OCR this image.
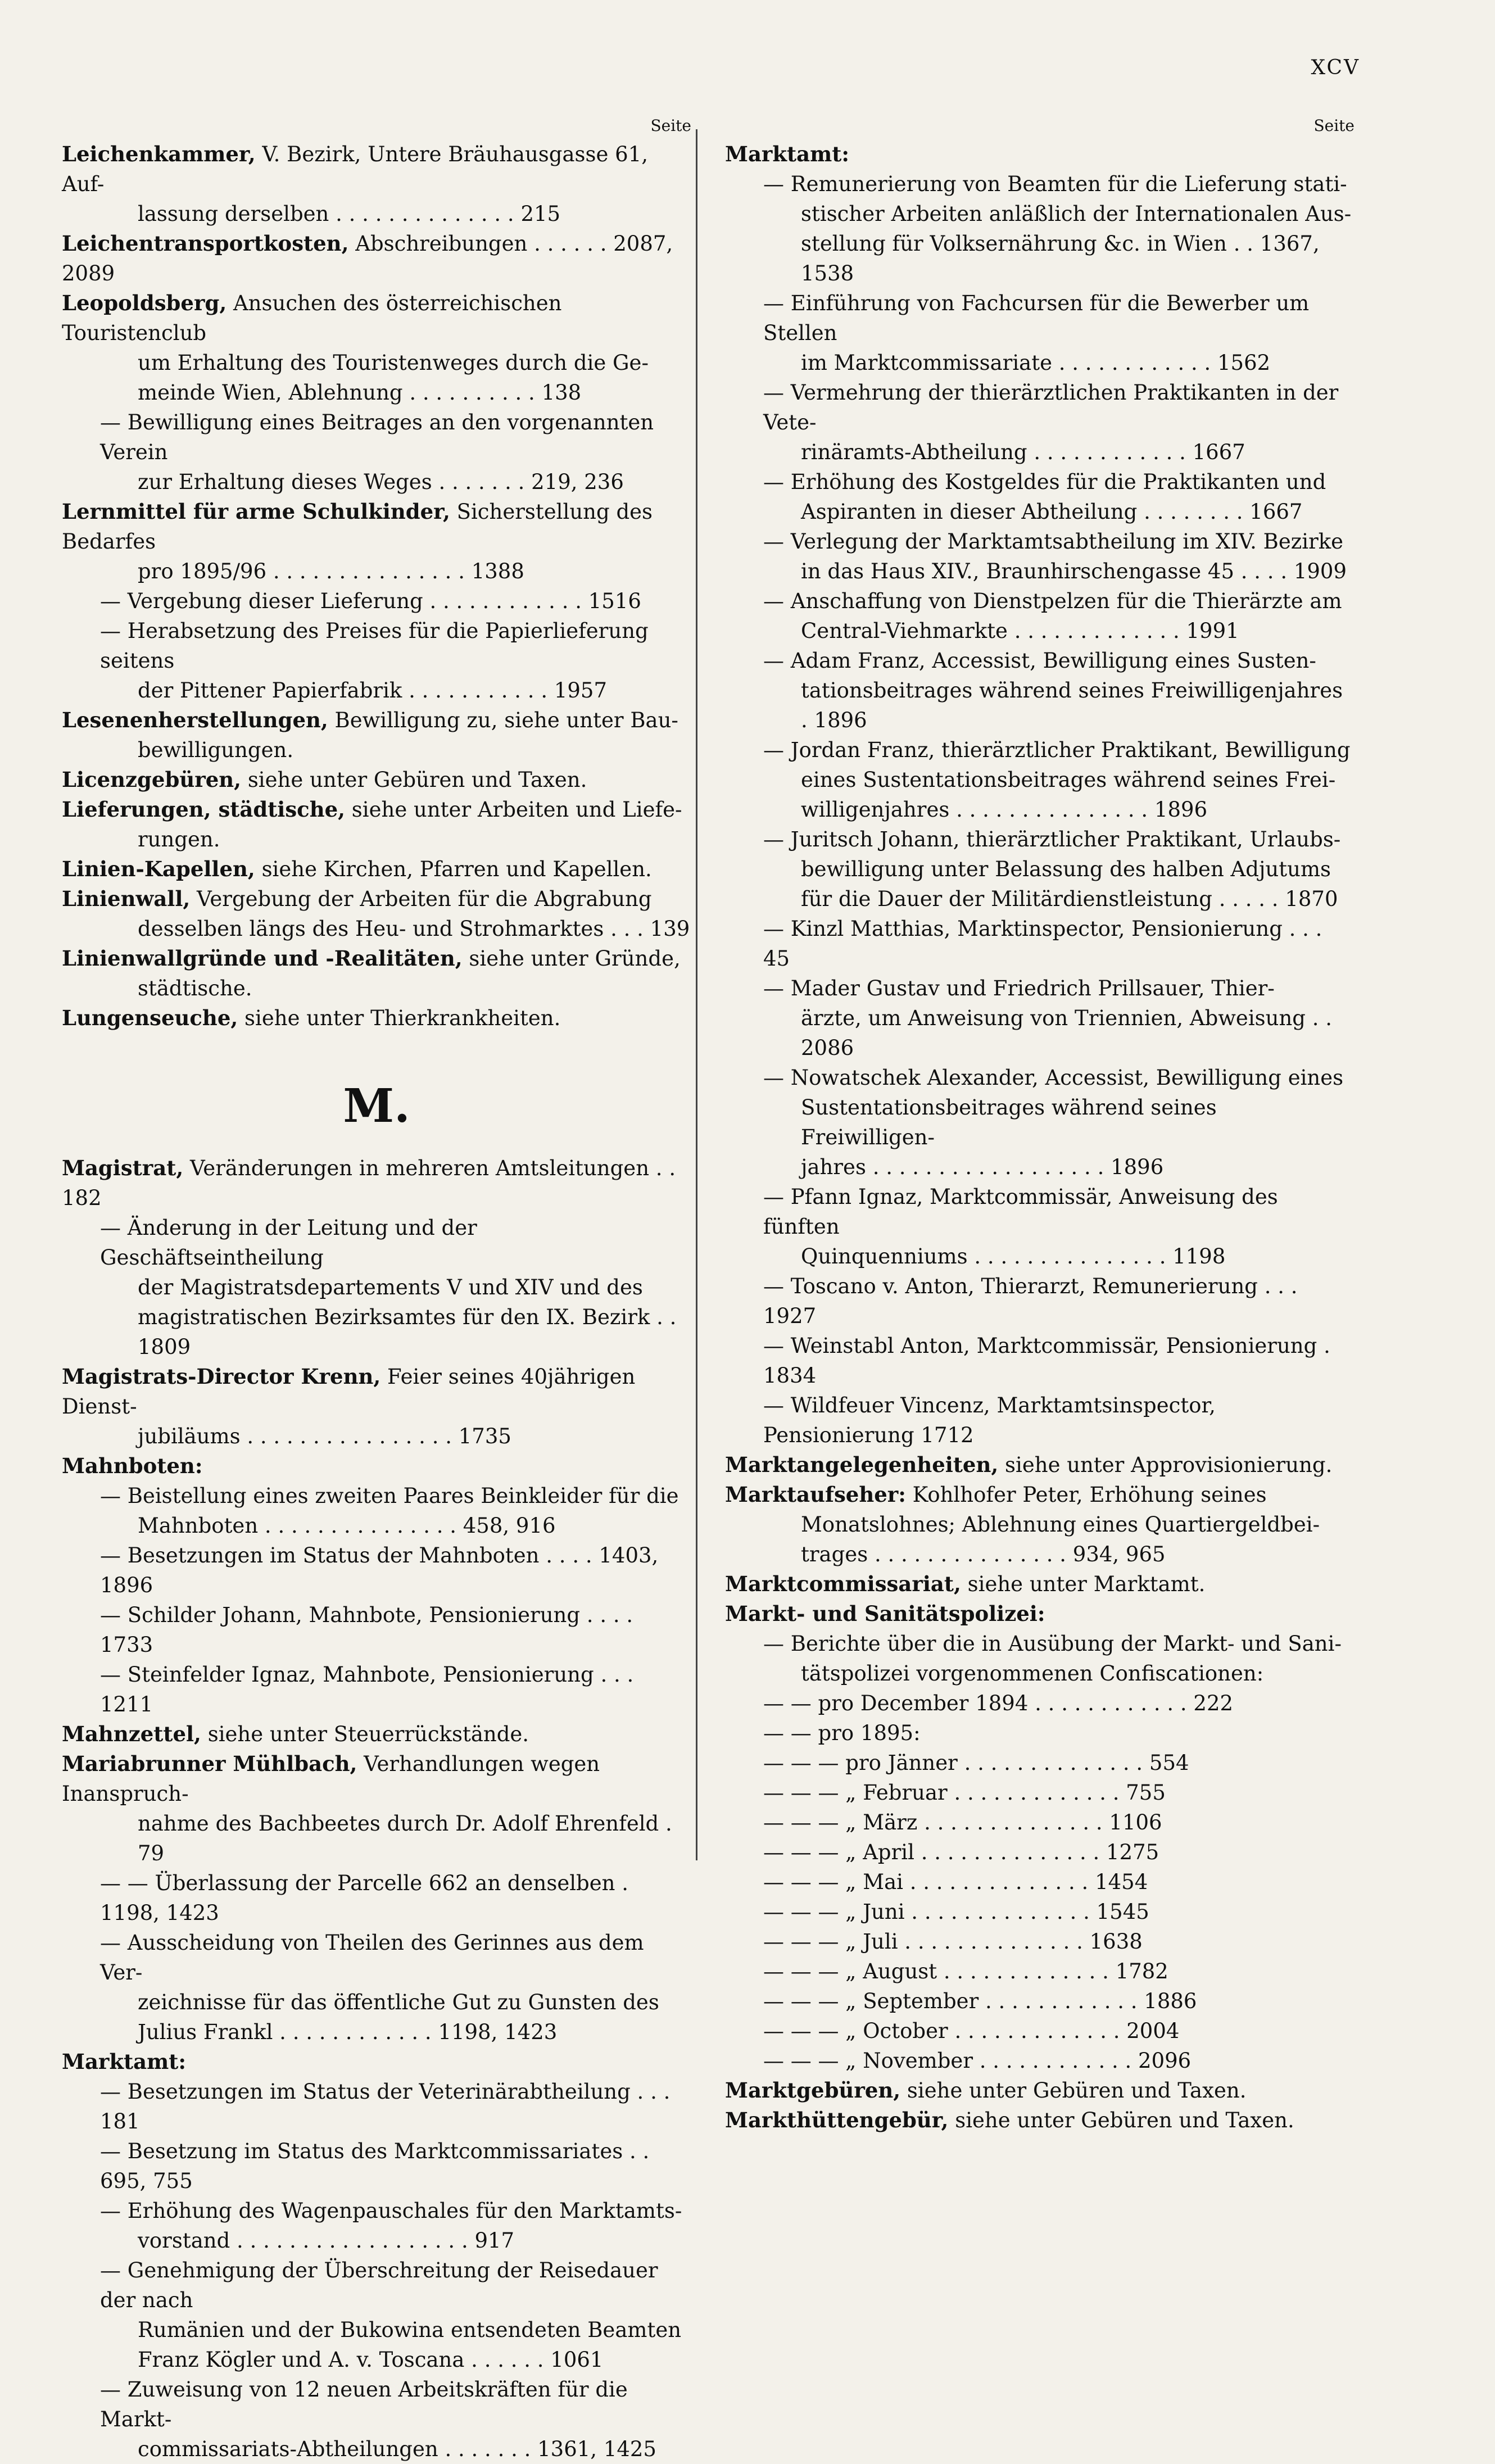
XCV
Seite

Leichenkammer, V. Bezirk, Untere Bräuhausgasse 61, Auf-

lassung derselben . . . . . . . . . . . . . . 215

Leichentransportkosten, Abschreibungen . . . . . . 2087, 2089

Leopoldsberg, Ansuchen des österreichischen Touristenclub

um Erhaltung des Touristenweges durch die Ge-

meinde Wien, Ablehnung . . . . . . . . . . 138

— Bewilligung eines Beitrages an den vorgenannten Verein

zur Erhaltung dieses Weges . . . . . . . 219, 236

Lernmittel für arme Schulkinder, Sicherstellung des Bedarfes

pro 1895/96 . . . . . . . . . . . . . . . 1388

— Vergebung dieser Lieferung . . . . . . . . . . . . 1516

— Herabsetzung des Preises für die Papierlieferung seitens

der Pittener Papierfabrik . . . . . . . . . . . 1957

Lesenenherstellungen, Bewilligung zu, siehe unter Bau-

bewilligungen.

Licenzgebüren, siehe unter Gebüren und Taxen.

Lieferungen, städtische, siehe unter Arbeiten und Liefe-

rungen.

Linien-Kapellen, siehe Kirchen, Pfarren und Kapellen.

Linienwall, Vergebung der Arbeiten für die Abgrabung

desselben längs des Heu- und Strohmarktes . . . 139

Linienwallgründe und -Realitäten, siehe unter Gründe,

städtische.

Lungenseuche, siehe unter Thierkrankheiten.

M.

Magistrat, Veränderungen in mehreren Amtsleitungen . . 182

— Änderung in der Leitung und der Geschäftseintheilung

der Magistratsdepartements V und XIV und des

magistratischen Bezirksamtes für den IX. Bezirk . . 1809

Magistrats-Director Krenn, Feier seines 40jährigen Dienst-

jubiläums . . . . . . . . . . . . . . . . 1735

Mahnboten:

— Beistellung eines zweiten Paares Beinkleider für die

Mahnboten . . . . . . . . . . . . . . . 458, 916

— Besetzungen im Status der Mahnboten . . . . 1403, 1896

— Schilder Johann, Mahnbote, Pensionierung . . . . 1733

— Steinfelder Ignaz, Mahnbote, Pensionierung . . . 1211

Mahnzettel, siehe unter Steuerrückstände.

Mariabrunner Mühlbach, Verhandlungen wegen Inanspruch-

nahme des Bachbeetes durch Dr. Adolf Ehrenfeld . 79

— — Überlassung der Parcelle 662 an denselben . 1198, 1423

— Ausscheidung von Theilen des Gerinnes aus dem Ver-

zeichnisse für das öffentliche Gut zu Gunsten des

Julius Frankl . . . . . . . . . . . . 1198, 1423

Marktamt:

— Besetzungen im Status der Veterinärabtheilung . . . 181

— Besetzung im Status des Marktcommissariates . . 695, 755

— Erhöhung des Wagenpauschales für den Marktamts-

vorstand . . . . . . . . . . . . . . . . . . 917

— Genehmigung der Überschreitung der Reisedauer der nach

Rumänien und der Bukowina entsendeten Beamten

Franz Kögler und A. v. Toscana . . . . . . 1061

— Zuweisung von 12 neuen Arbeitskräften für die Markt-

commissariats-Abtheilungen . . . . . . . 1361, 1425

Seite

Marktamt:

— Remunerierung von Beamten für die Lieferung stati-

stischer Arbeiten anläßlich der Internationalen Aus-

stellung für Volksernährung &c. in Wien . . 1367, 1538

— Einführung von Fachcursen für die Bewerber um Stellen

im Marktcommissariate . . . . . . . . . . . . 1562

— Vermehrung der thierärztlichen Praktikanten in der Vete-

rinäramts-Abtheilung . . . . . . . . . . . . 1667

— Erhöhung des Kostgeldes für die Praktikanten und

Aspiranten in dieser Abtheilung . . . . . . . . 1667

— Verlegung der Marktamtsabtheilung im XIV. Bezirke

in das Haus XIV., Braunhirschengasse 45 . . . . 1909

— Anschaffung von Dienstpelzen für die Thierärzte am

Central-Viehmarkte . . . . . . . . . . . . . 1991

— Adam Franz, Accessist, Bewilligung eines Susten-

tationsbeitrages während seines Freiwilligenjahres . 1896

— Jordan Franz, thierärztlicher Praktikant, Bewilligung

eines Sustentationsbeitrages während seines Frei-

willigenjahres . . . . . . . . . . . . . . . 1896

— Juritsch Johann, thierärztlicher Praktikant, Urlaubs-

bewilligung unter Belassung des halben Adjutums

für die Dauer der Militärdienstleistung . . . . . 1870

— Kinzl Matthias, Marktinspector, Pensionierung . . . 45

— Mader Gustav und Friedrich Prillsauer, Thier-

ärzte, um Anweisung von Triennien, Abweisung . . 2086

— Nowatschek Alexander, Accessist, Bewilligung eines

Sustentationsbeitrages während seines Freiwilligen-

jahres . . . . . . . . . . . . . . . . . . 1896

— Pfann Ignaz, Marktcommissär, Anweisung des fünften

Quinquenniums . . . . . . . . . . . . . . . 1198

— Toscano v. Anton, Thierarzt, Remunerierung . . . 1927

— Weinstabl Anton, Marktcommissär, Pensionierung . 1834

— Wildfeuer Vincenz, Marktamtsinspector, Pensionierung 1712

Marktangelegenheiten, siehe unter Approvisionierung.

Marktaufseher: Kohlhofer Peter, Erhöhung seines

Monatslohnes; Ablehnung eines Quartiergeldbei-

trages . . . . . . . . . . . . . . . 934, 965

Marktcommissariat, siehe unter Marktamt.

Markt- und Sanitätspolizei:

— Berichte über die in Ausübung der Markt- und Sani-

tätspolizei vorgenommenen Confiscationen:

— — pro December 1894 . . . . . . . . . . . . 222

— — pro 1895:

— — — pro Jänner . . . . . . . . . . . . . . 554

— — — „ Februar . . . . . . . . . . . . . 755

— — — „ März . . . . . . . . . . . . . . 1106

— — — „ April . . . . . . . . . . . . . . 1275

— — — „ Mai . . . . . . . . . . . . . . 1454

— — — „ Juni . . . . . . . . . . . . . . 1545

— — — „ Juli . . . . . . . . . . . . . . 1638

— — — „ August . . . . . . . . . . . . . 1782

— — — „ September . . . . . . . . . . . . 1886

— — — „ October . . . . . . . . . . . . . 2004

— — — „ November . . . . . . . . . . . . 2096

Marktgebüren, siehe unter Gebüren und Taxen.

Markthüttengebür, siehe unter Gebüren und Taxen.
